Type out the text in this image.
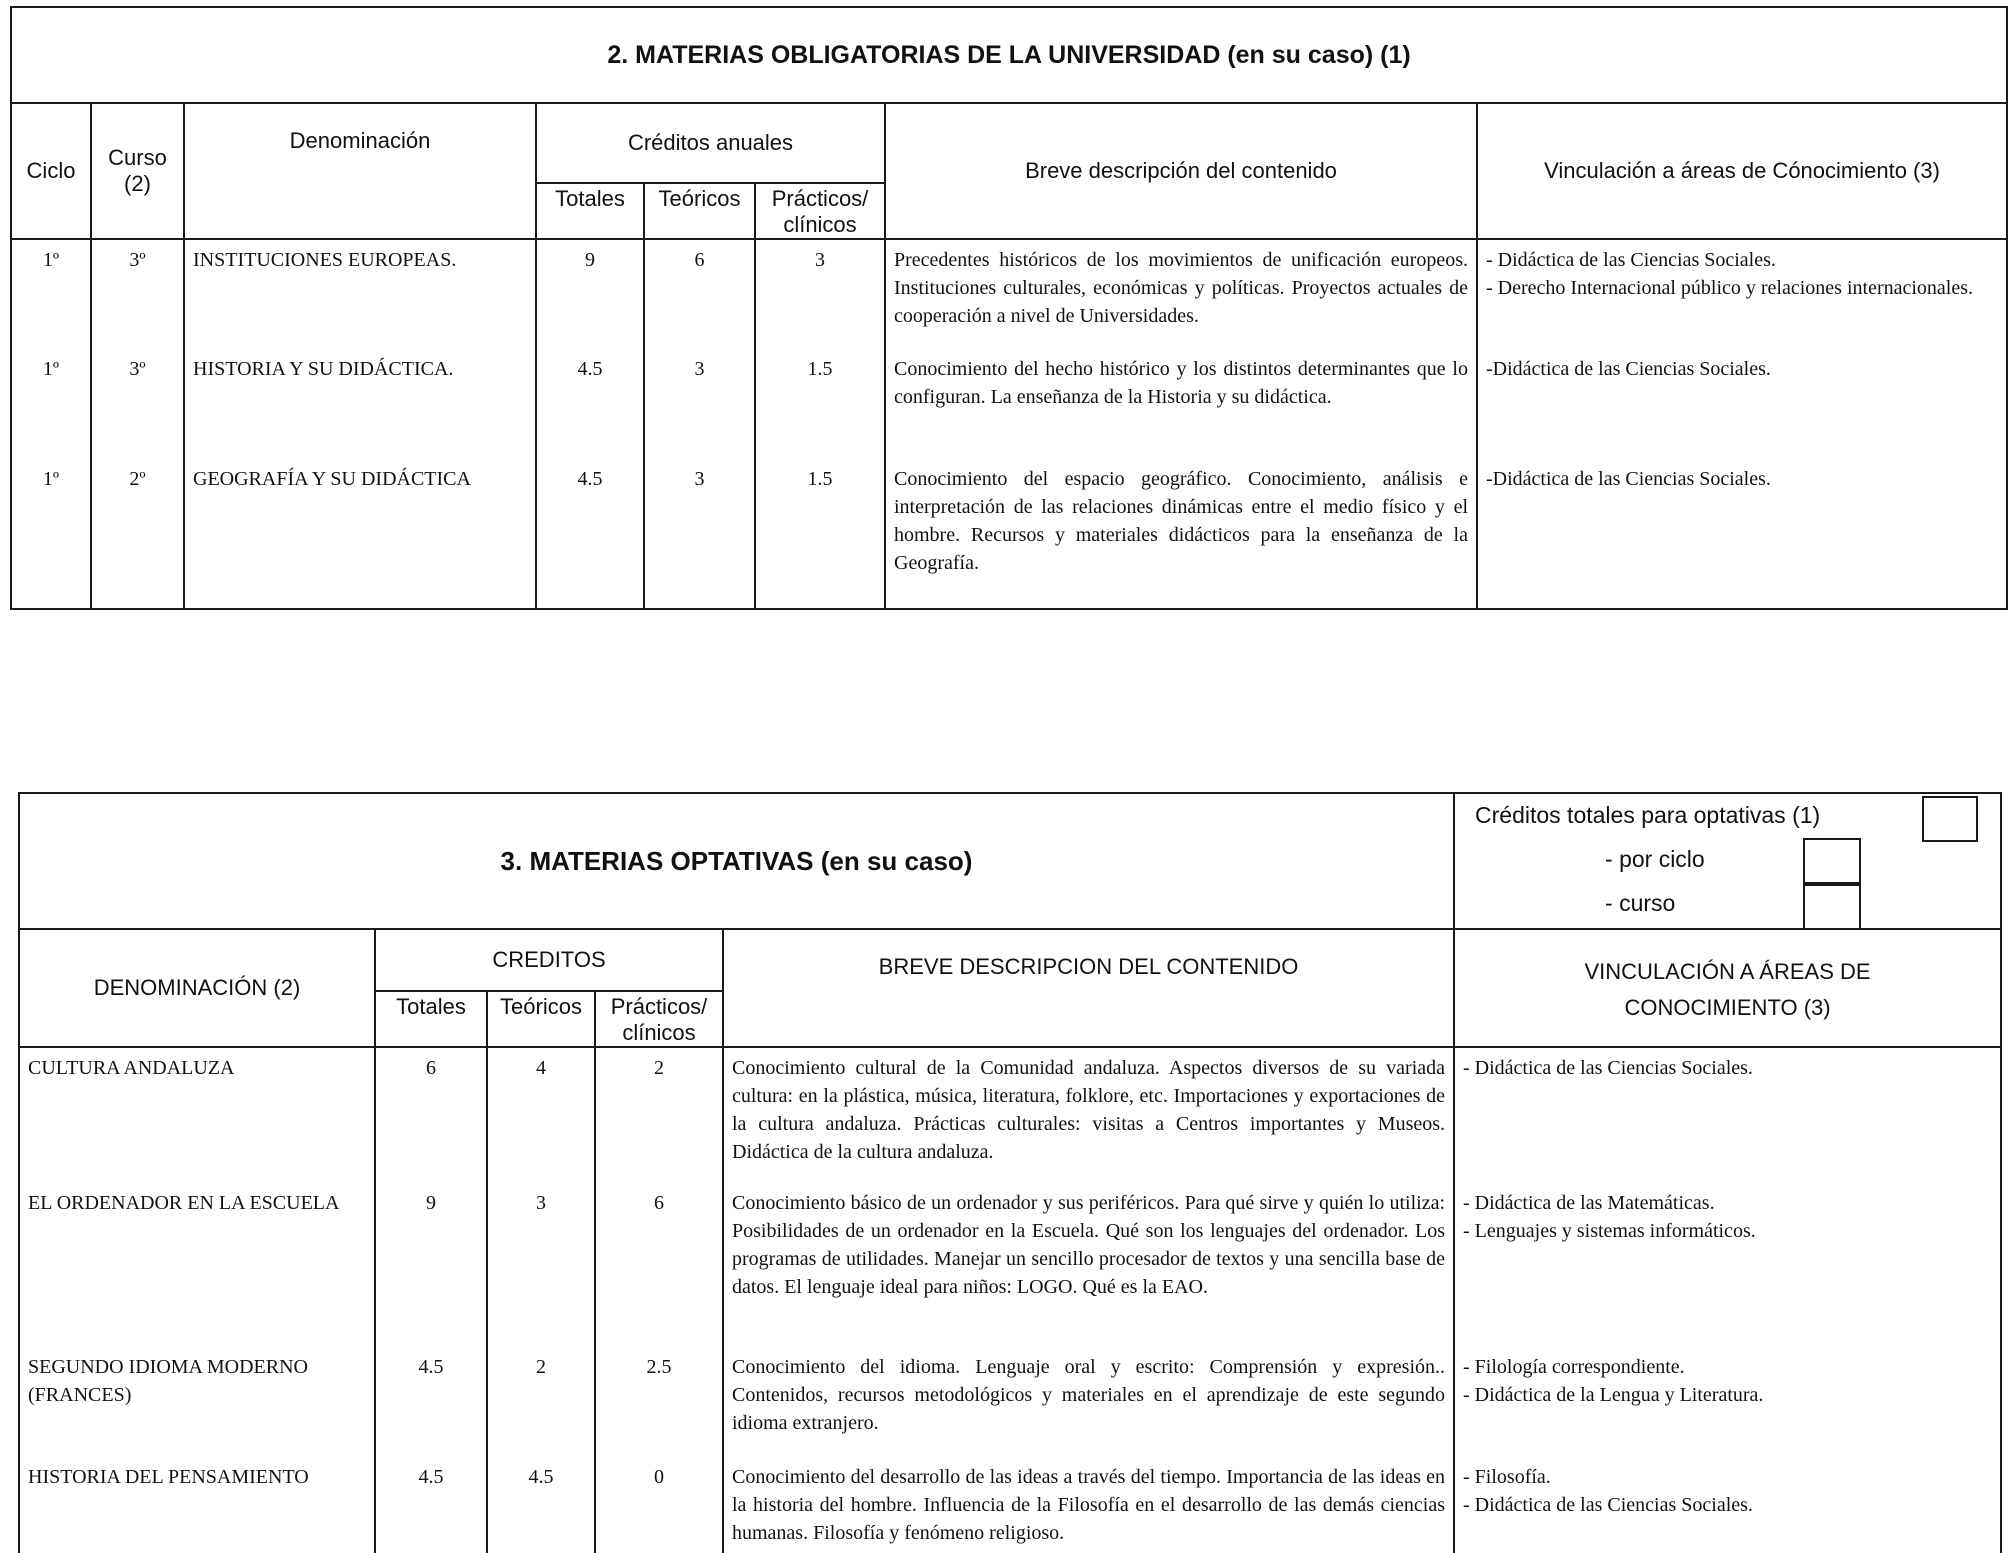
2. MATERIAS OBLIGATORIAS DE LA UNIVERSIDAD (en su caso) (1)							
Ciclo	Curso (2)	Denominación	Créditos anuales			Breve descripción del contenido	Vinculación a áreas de Cónocimiento (3)
			Totales	Teóricos	Prácticos/ clínicos		
1º	3º	INSTITUCIONES EUROPEAS.	9	6	3	Precedentes históricos de los movimientos de unificación europeos. Instituciones culturales, económicas y políticas. Proyectos actuales de cooperación a nivel de Universidades.	- Didáctica de las Ciencias Sociales.
- Derecho Internacional público y relaciones internacionales.

1º	3º	HISTORIA Y SU DIDÁCTICA.	4.5	3	1.5	Conocimiento del hecho histórico y los distintos determinantes que lo configuran. La enseñanza de la Historia y su didáctica.	-Didáctica de las Ciencias Sociales.

1º	2º	GEOGRAFÍA Y SU DIDÁCTICA	4.5	3	1.5	Conocimiento del espacio geográfico. Conocimiento, análisis e interpretación de las relaciones dinámicas entre el medio físico y el hombre. Recursos y materiales didácticos para la enseñanza de la Geografía.	-Didáctica de las Ciencias Sociales.
3. MATERIAS OPTATIVAS (en su caso)					Créditos totales para optativas (1)
- por ciclo
- curso

DENOMINACIÓN (2)	CREDITOS			BREVE DESCRIPCION DEL CONTENIDO	VINCULACIÓN A ÁREAS DE CONOCIMIENTO (3)
	Totales	Teóricos	Prácticos/ clínicos		
CULTURA ANDALUZA	6	4	2	Conocimiento cultural de la Comunidad andaluza. Aspectos diversos de su variada cultura: en la plástica, música, literatura, folklore, etc. Importaciones y exportaciones de la cultura andaluza. Prácticas culturales: visitas a Centros importantes y Museos. Didáctica de la cultura andaluza.	- Didáctica de las Ciencias Sociales.

EL ORDENADOR EN LA ESCUELA	9	3	6	Conocimiento básico de un ordenador y sus periféricos. Para qué sirve y quién lo utiliza: Posibilidades de un ordenador en la Escuela. Qué son los lenguajes del ordenador. Los programas de utilidades. Manejar un sencillo procesador de textos y una sencilla base de datos. El lenguaje ideal para niños: LOGO. Qué es la EAO.	- Didáctica de las Matemáticas.
- Lenguajes y sistemas informáticos.

SEGUNDO IDIOMA MODERNO (FRANCES)	4.5	2	2.5	Conocimiento del idioma. Lenguaje oral y escrito: Comprensión y expresión.. Contenidos, recursos metodológicos y materiales en el aprendizaje de este segundo idioma extranjero.	- Filología correspondiente.
- Didáctica de la Lengua y Literatura.

HISTORIA DEL PENSAMIENTO	4.5	4.5	0	Conocimiento del desarrollo de las ideas a través del tiempo. Importancia de las ideas en la historia del hombre. Influencia de la Filosofía en el desarrollo de las demás ciencias humanas. Filosofía y fenómeno religioso.	- Filosofía.
- Didáctica de las Ciencias Sociales.
